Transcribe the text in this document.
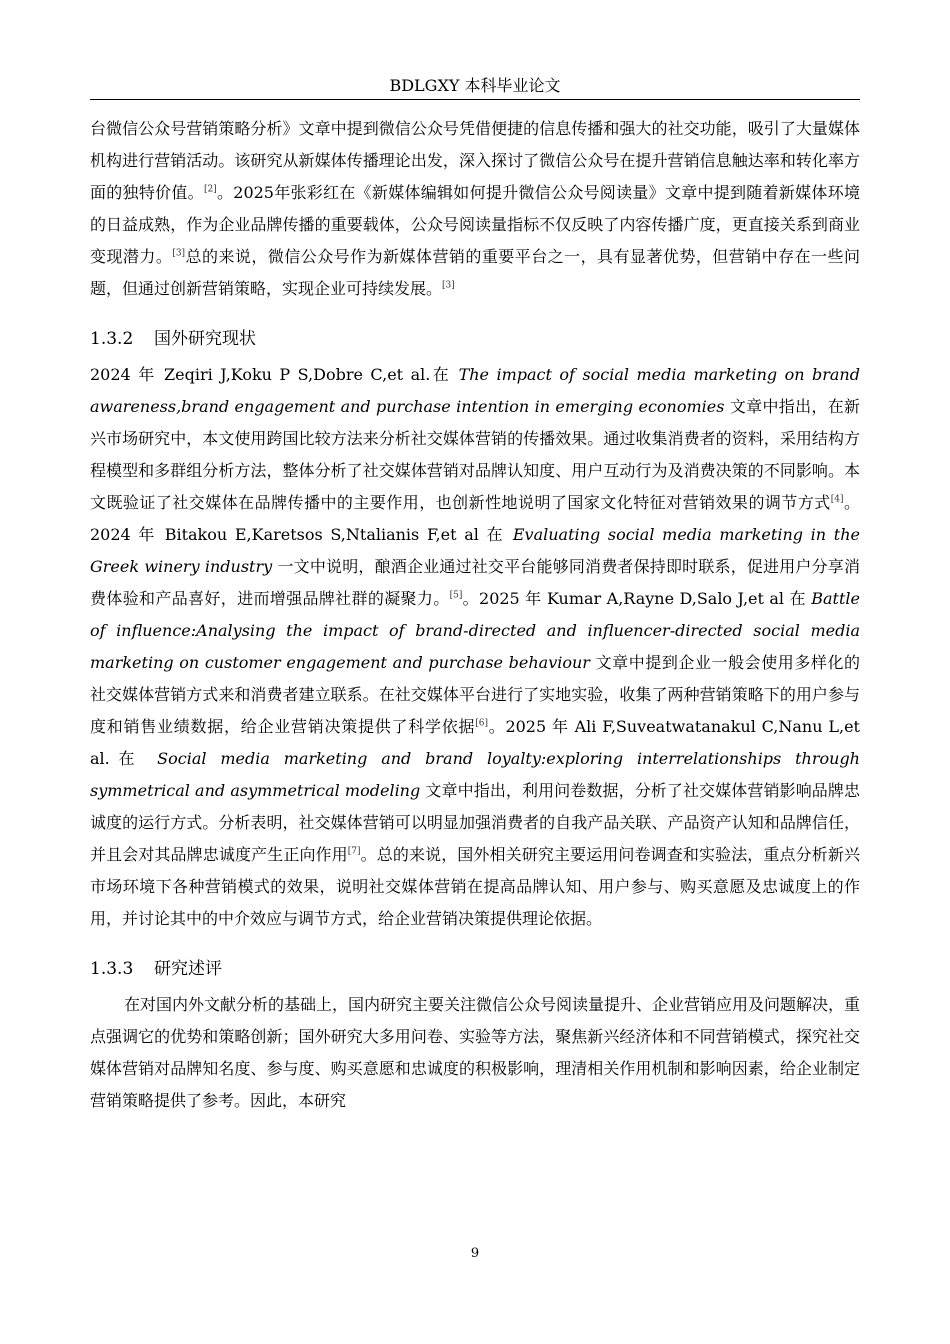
BDLGXY 本科毕业论文

台微信公众号营销策略分析》文章中提到微信公众号凭借便捷的信息传播和强大的社交功能，吸引了大量媒体机构进行营销活动。该研究从新媒体传播理论出发，深入探讨了微信公众号在提升营销信息触达率和转化率方面的独特价值。[2]。2025年张彩红在《新媒体编辑如何提升微信公众号阅读量》文章中提到随着新媒体环境的日益成熟，作为企业品牌传播的重要载体，公众号阅读量指标不仅反映了内容传播广度，更直接关系到商业变现潜力。[3]总的来说，微信公众号作为新媒体营销的重要平台之一，具有显著优势，但营销中存在一些问题，但通过创新营销策略，实现企业可持续发展。[3]

1.3.2 国外研究现状

2024 年 Zeqiri J,Koku P S,Dobre C,et al.在 The impact of social media marketing on brand awareness,brand engagement and purchase intention in emerging economies 文章中指出，在新兴市场研究中，本文使用跨国比较方法来分析社交媒体营销的传播效果。通过收集消费者的资料，采用结构方程模型和多群组分析方法，整体分析了社交媒体营销对品牌认知度、用户互动行为及消费决策的不同影响。本文既验证了社交媒体在品牌传播中的主要作用，也创新性地说明了国家文化特征对营销效果的调节方式[4]。2024 年 Bitakou E,Karetsos S,Ntalianis F,et al 在 Evaluating social media marketing in the Greek winery industry 一文中说明，酿酒企业通过社交平台能够同消费者保持即时联系，促进用户分享消费体验和产品喜好，进而增强品牌社群的凝聚力。[5]。2025 年 Kumar A,Rayne D,Salo J,et al 在 Battle of influence:Analysing the impact of brand-directed and influencer-directed social media marketing on customer engagement and purchase behaviour 文章中提到企业一般会使用多样化的社交媒体营销方式来和消费者建立联系。在社交媒体平台进行了实地实验，收集了两种营销策略下的用户参与度和销售业绩数据，给企业营销决策提供了科学依据[6]。2025 年 Ali F,Suveatwatanakul C,Nanu L,et al.在 Social media marketing and brand loyalty:exploring interrelationships through symmetrical and asymmetrical modeling 文章中指出，利用问卷数据，分析了社交媒体营销影响品牌忠诚度的运行方式。分析表明，社交媒体营销可以明显加强消费者的自我产品关联、产品资产认知和品牌信任，并且会对其品牌忠诚度产生正向作用[7]。总的来说，国外相关研究主要运用问卷调查和实验法，重点分析新兴市场环境下各种营销模式的效果，说明社交媒体营销在提高品牌认知、用户参与、购买意愿及忠诚度上的作用，并讨论其中的中介效应与调节方式，给企业营销决策提供理论依据。

1.3.3 研究述评

在对国内外文献分析的基础上，国内研究主要关注微信公众号阅读量提升、企业营销应用及问题解决，重点强调它的优势和策略创新；国外研究大多用问卷、实验等方法，聚焦新兴经济体和不同营销模式，探究社交媒体营销对品牌知名度、参与度、购买意愿和忠诚度的积极影响，理清相关作用机制和影响因素，给企业制定营销策略提供了参考。因此，本研究

9
